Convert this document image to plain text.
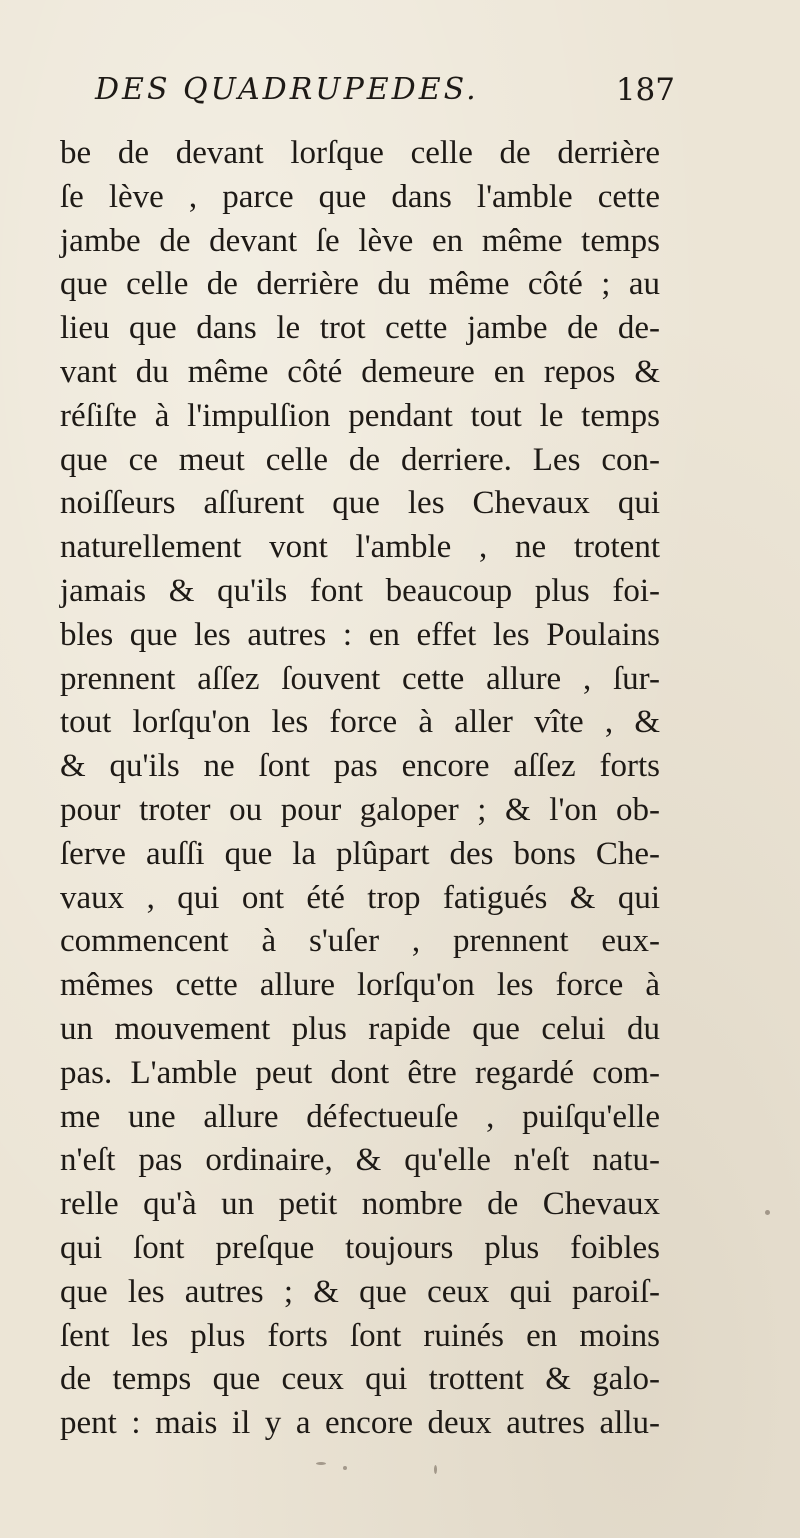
DES QUADRUPEDES.	187
be de devant lorſque celle de derrière
ſe lève , parce que dans l'amble cette
jambe de devant ſe lève en même temps
que celle de derrière du même côté ; au
lieu que dans le trot cette jambe de de-
vant du même côté demeure en repos &
réſiſte à l'impulſion pendant tout le temps
que ce meut celle de derriere. Les con-
noiſſeurs aſſurent que les Chevaux qui
naturellement vont l'amble , ne trotent
jamais & qu'ils font beaucoup plus foi-
bles que les autres : en effet les Poulains
prennent aſſez ſouvent cette allure , ſur-
tout lorſqu'on les force à aller vîte , &
& qu'ils ne ſont pas encore aſſez forts
pour troter ou pour galoper ; & l'on ob-
ſerve auſſi que la plûpart des bons Che-
vaux , qui ont été trop fatigués & qui
commencent à s'uſer , prennent eux-
mêmes cette allure lorſqu'on les force à
un mouvement plus rapide que celui du
pas. L'amble peut dont être regardé com-
me une allure défectueuſe , puiſqu'elle
n'eſt pas ordinaire, & qu'elle n'eſt natu-
relle qu'à un petit nombre de Chevaux
qui ſont preſque toujours plus foibles
que les autres ; & que ceux qui paroiſ-
ſent les plus forts ſont ruinés en moins
de temps que ceux qui trottent & galo-
pent : mais il y a encore deux autres allu-
